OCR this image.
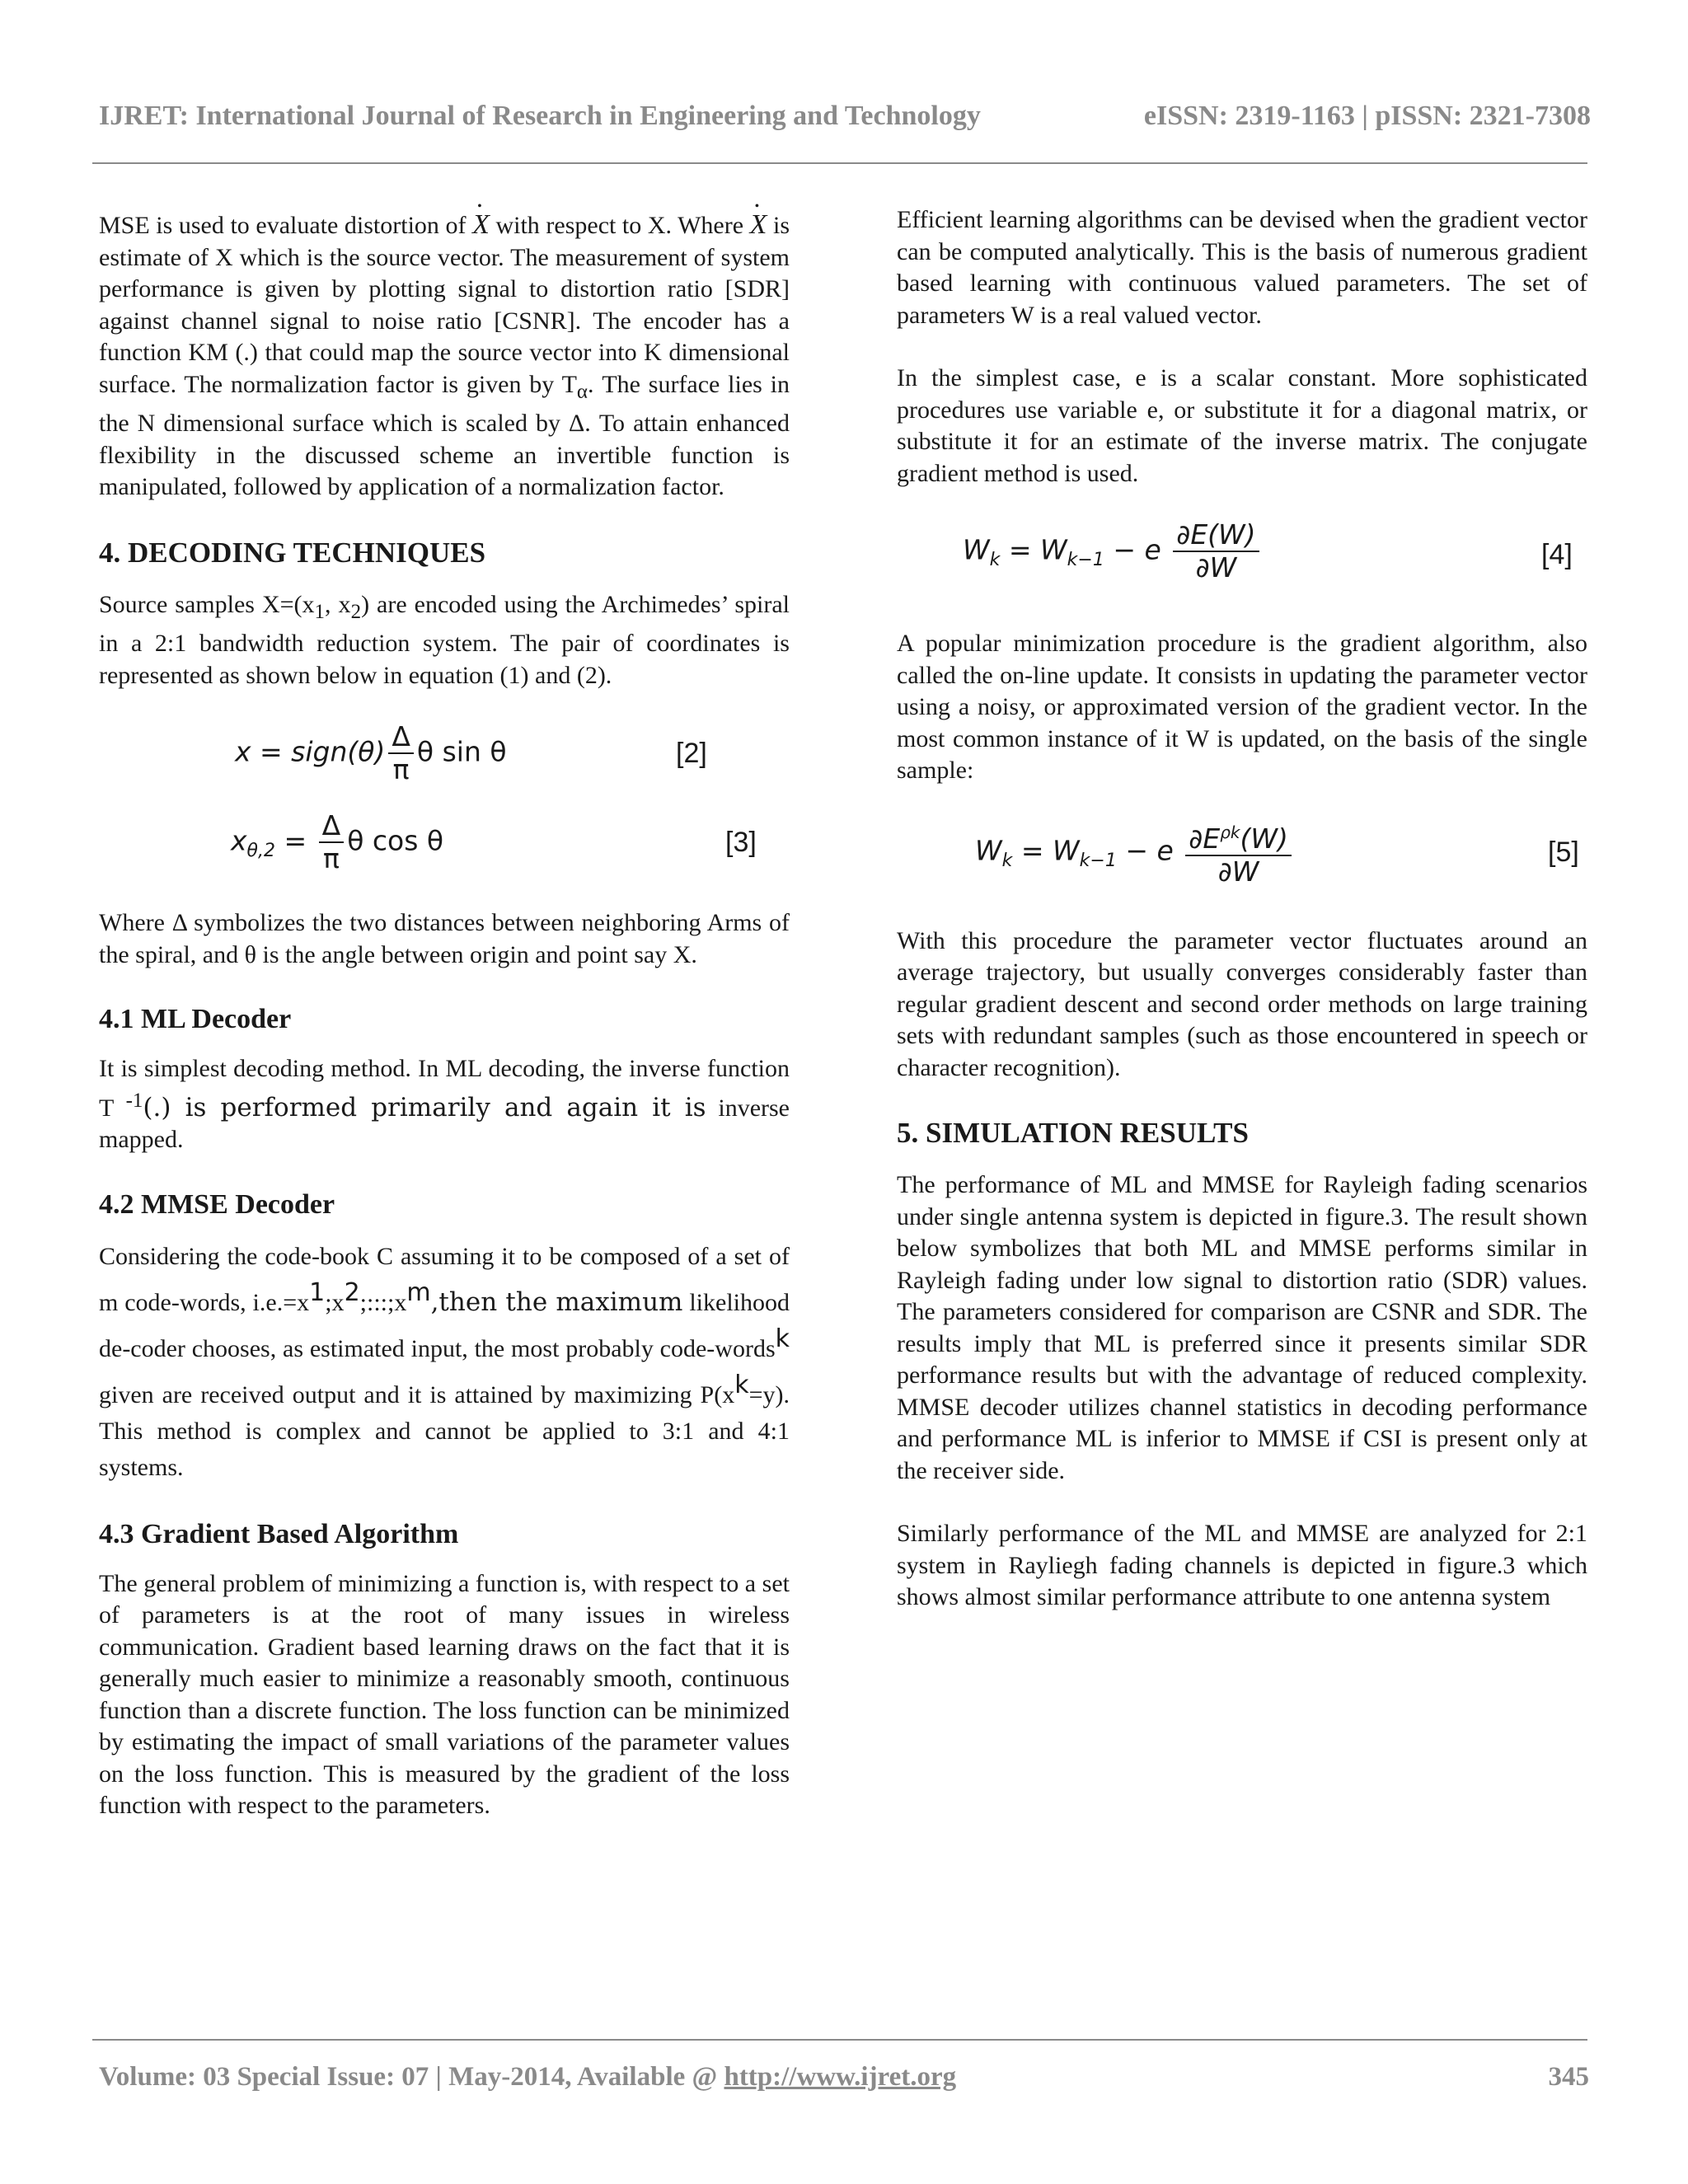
IJRET: International Journal of Research in Engineering and Technology	eISSN: 2319-1163 | pISSN: 2321-7308

MSE is used to evaluate distortion of • X with respect to X. Where • X is estimate of X which is the source vector. The measurement of system performance is given by plotting signal to distortion ratio [SDR] against channel signal to noise ratio [CSNR]. The encoder has a function KM (.) that could map the source vector into K dimensional surface. The normalization factor is given by $T_\alpha$. The surface lies in the N dimensional surface which is scaled by Δ. To attain enhanced flexibility in the discussed scheme an invertible function is manipulated, followed by application of a normalization factor.

4. DECODING TECHNIQUES

Source samples $X=(x_1$, $x_2$) are encoded using the Archimedes’ spiral in a 2:1 bandwidth reduction system. The pair of coordinates is represented as shown below in equation (1) and (2).

x = sign(θ) $\frac{\Delta}{\pi}$ θ sin θ	[2]
$x_{\theta,2} = \frac{\Delta}{\pi}$ θ cos θ	[3]

Where Δ symbolizes the two distances between neighboring Arms of the spiral, and θ is the angle between origin and point say X.

4.1 ML Decoder

It is simplest decoding method. In ML decoding, the inverse function T $^{-1}$(.) is performed primarily and again it is inverse mapped.

4.2 MMSE Decoder

Considering the code-book C assuming it to be composed of a set of m code-words, i.e.=x1;x2;:::;xm,then the maximum likelihood de-coder chooses, as estimated input, the most probably code-wordsk given are received output and it is attained by maximizing P(xk=y). This method is complex and cannot be applied to 3:1 and 4:1 systems.

4.3 Gradient Based Algorithm

The general problem of minimizing a function is, with respect to a set of parameters is at the root of many issues in wireless communication. Gradient based learning draws on the fact that it is generally much easier to minimize a reasonably smooth, continuous function than a discrete function. The loss function can be minimized by estimating the impact of small variations of the parameter values on the loss function. This is measured by the gradient of the loss function with respect to the parameters.

Efficient learning algorithms can be devised when the gradient vector can be computed analytically. This is the basis of numerous gradient based learning with continuous valued parameters. The set of parameters W is a real valued vector.

In the simplest case, e is a scalar constant. More sophisticated procedures use variable e, or substitute it for a diagonal matrix, or substitute it for an estimate of the inverse matrix. The conjugate gradient method is used.

$W_k = W_{k-1} - e \frac{\partial E(W)}{\partial W}$	[4]

A popular minimization procedure is the gradient algorithm, also called the on-line update. It consists in updating the parameter vector using a noisy, or approximated version of the gradient vector. In the most common instance of it W is updated, on the basis of the single sample:

$W_k = W_{k-1} - e \frac{\partial E^{\rho k}(W)}{\partial W}$	[5]

With this procedure the parameter vector fluctuates around an average trajectory, but usually converges considerably faster than regular gradient descent and second order methods on large training sets with redundant samples (such as those encountered in speech or character recognition).

5. SIMULATION RESULTS

The performance of ML and MMSE for Rayleigh fading scenarios under single antenna system is depicted in figure.3. The result shown below symbolizes that both ML and MMSE performs similar in Rayleigh fading under low signal to distortion ratio (SDR) values. The parameters considered for comparison are CSNR and SDR. The results imply that ML is preferred since it presents similar SDR performance results but with the advantage of reduced complexity. MMSE decoder utilizes channel statistics in decoding performance and performance ML is inferior to MMSE if CSI is present only at the receiver side.

Similarly performance of the ML and MMSE are analyzed for 2:1 system in Rayliegh fading channels is depicted in figure.3 which shows almost similar performance attribute to one antenna system

Volume: 03 Special Issue: 07 | May-2014, Available @ http://www.ijret.org	345
